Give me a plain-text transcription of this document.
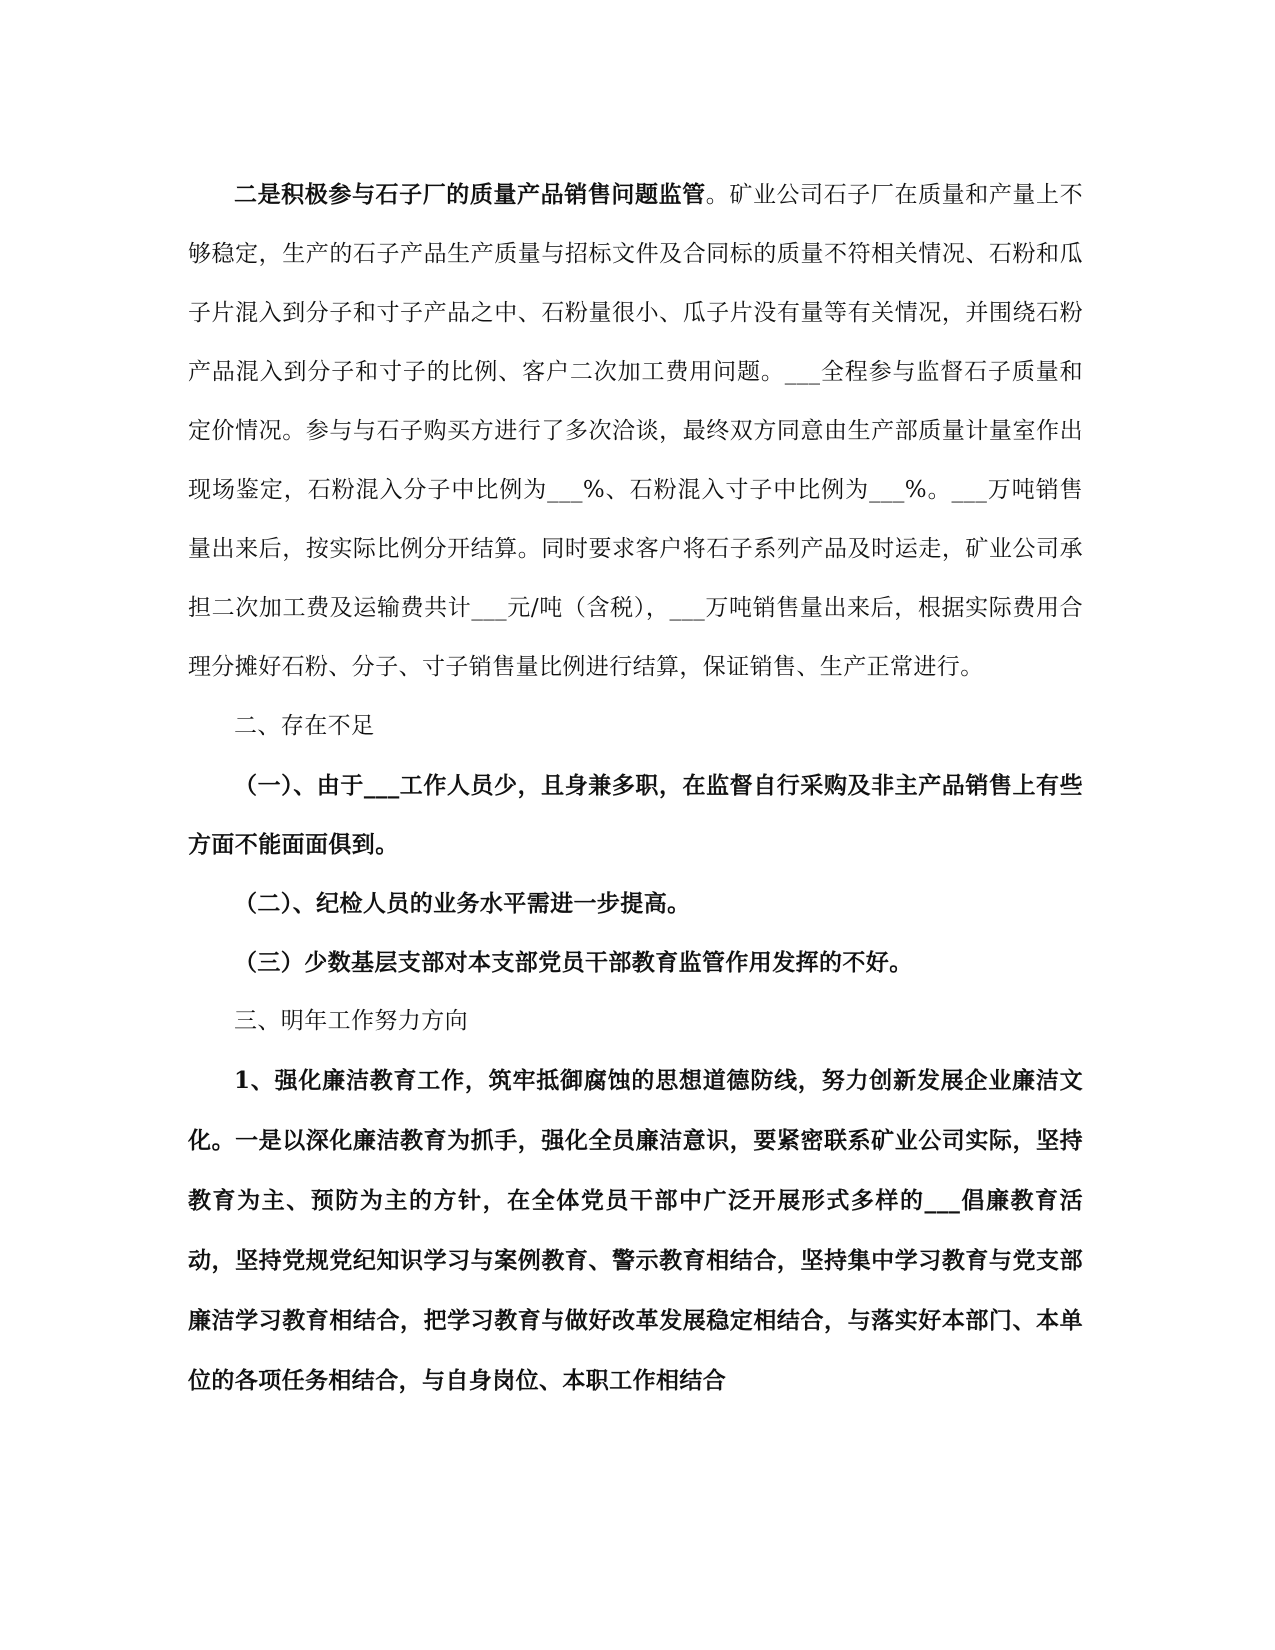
二是积极参与石子厂的质量产品销售问题监管。矿业公司石子厂在质量和产量上不够稳定，生产的石子产品生产质量与招标文件及合同标的质量不符相关情况、石粉和瓜子片混入到分子和寸子产品之中、石粉量很小、瓜子片没有量等有关情况，并围绕石粉产品混入到分子和寸子的比例、客户二次加工费用问题。___全程参与监督石子质量和定价情况。参与与石子购买方进行了多次洽谈，最终双方同意由生产部质量计量室作出现场鉴定，石粉混入分子中比例为___%、石粉混入寸子中比例为___%。___万吨销售量出来后，按实际比例分开结算。同时要求客户将石子系列产品及时运走，矿业公司承担二次加工费及运输费共计___元/吨（含税），___万吨销售量出来后，根据实际费用合理分摊好石粉、分子、寸子销售量比例进行结算，保证销售、生产正常进行。

二、存在不足

（一）、由于___工作人员少，且身兼多职，在监督自行采购及非主产品销售上有些方面不能面面俱到。

（二）、纪检人员的业务水平需进一步提高。

（三）少数基层支部对本支部党员干部教育监管作用发挥的不好。

三、明年工作努力方向

1、强化廉洁教育工作，筑牢抵御腐蚀的思想道德防线，努力创新发展企业廉洁文化。一是以深化廉洁教育为抓手，强化全员廉洁意识，要紧密联系矿业公司实际，坚持教育为主、预防为主的方针，在全体党员干部中广泛开展形式多样的___倡廉教育活动，坚持党规党纪知识学习与案例教育、警示教育相结合，坚持集中学习教育与党支部廉洁学习教育相结合，把学习教育与做好改革发展稳定相结合，与落实好本部门、本单位的各项任务相结合，与自身岗位、本职工作相结合
